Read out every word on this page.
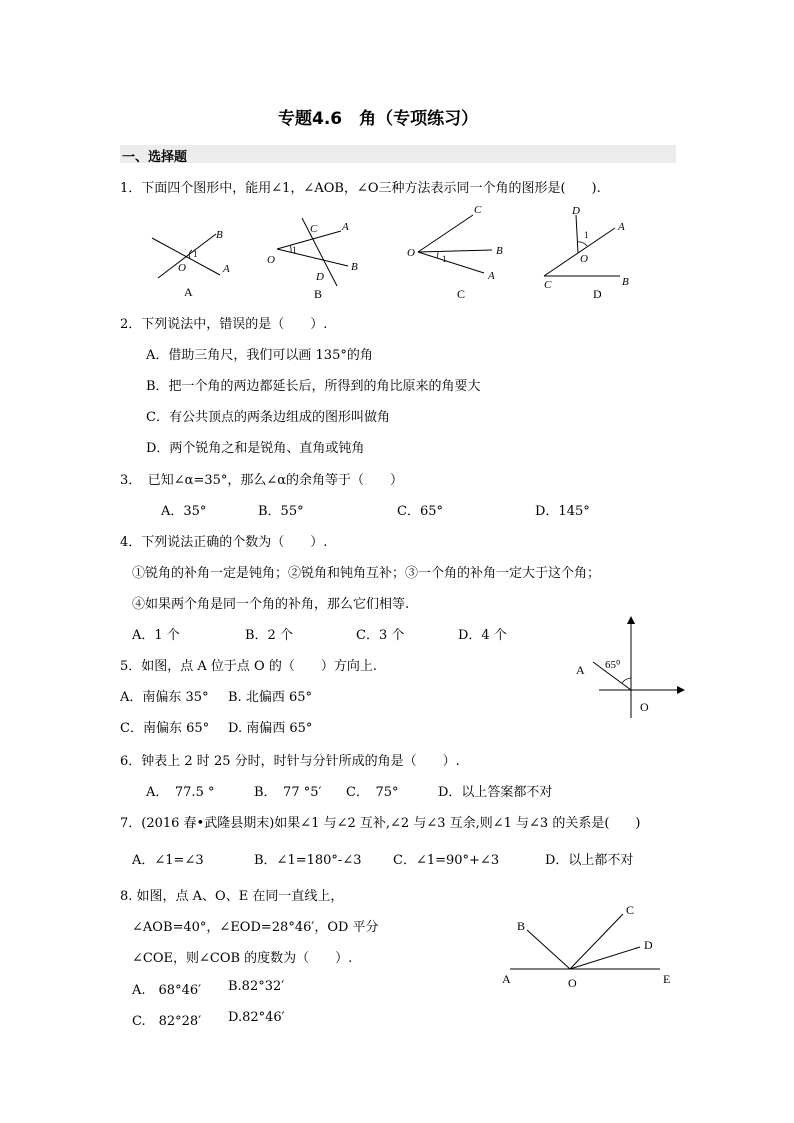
专题4.6　角（专项练习）
一、选择题
1．下面四个图形中，能用∠1，∠AOB，∠O三种方法表示同一个角的图形是(　　).
B
A
O
1
A
C A
O
1
D
B
B
C
O	B
1
A
C
D
1
A
O
C	B
D
2．下列说法中，错误的是（　　）.
A．借助三角尺，我们可以画 135°的角
B．把一个角的两边都延长后，所得到的角比原来的角要大
C．有公共顶点的两条边组成的图形叫做角
D．两个锐角之和是锐角、直角或钝角
3．　已知∠α=35°，那么∠α的余角等于（　　）
A．35°	B．55°	C．65°	D．145°
4．下列说法正确的个数为（　　）.
①锐角的补角一定是钝角；②锐角和钝角互补；③一个角的补角一定大于这个角；
④如果两个角是同一个角的补角，那么它们相等.
A．1 个	B．2 个	C．3 个	D．4 个
5．如图，点 A 位于点 O 的（　　）方向上.
A．南偏东 35° B. 北偏西 65°
C．南偏东 65° D. 南偏西 65°
A 65⁰
O
6．钟表上 2 时 25 分时，时针与分针所成的角是（　　）.
A．　77.5 °	B．　77 °5′ C．　75°	D．以上答案都不对
7．(2016 春•武隆县期末)如果∠1 与∠2 互补,∠2 与∠3 互余,则∠1 与∠3 的关系是(　　)
A．∠1=∠3	B．∠1=180°-∠3 C．∠1=90°+∠3	D．以上都不对
8. 如图，点 A、O、E 在同一直线上，
∠AOB=40°，∠EOD=28°46′，OD 平分
∠COE，则∠COB 的度数为（　　）.
A.　68°46′ B.82°32′
C.　82°28′ D.82°46′
B
C
D
A	O	E
